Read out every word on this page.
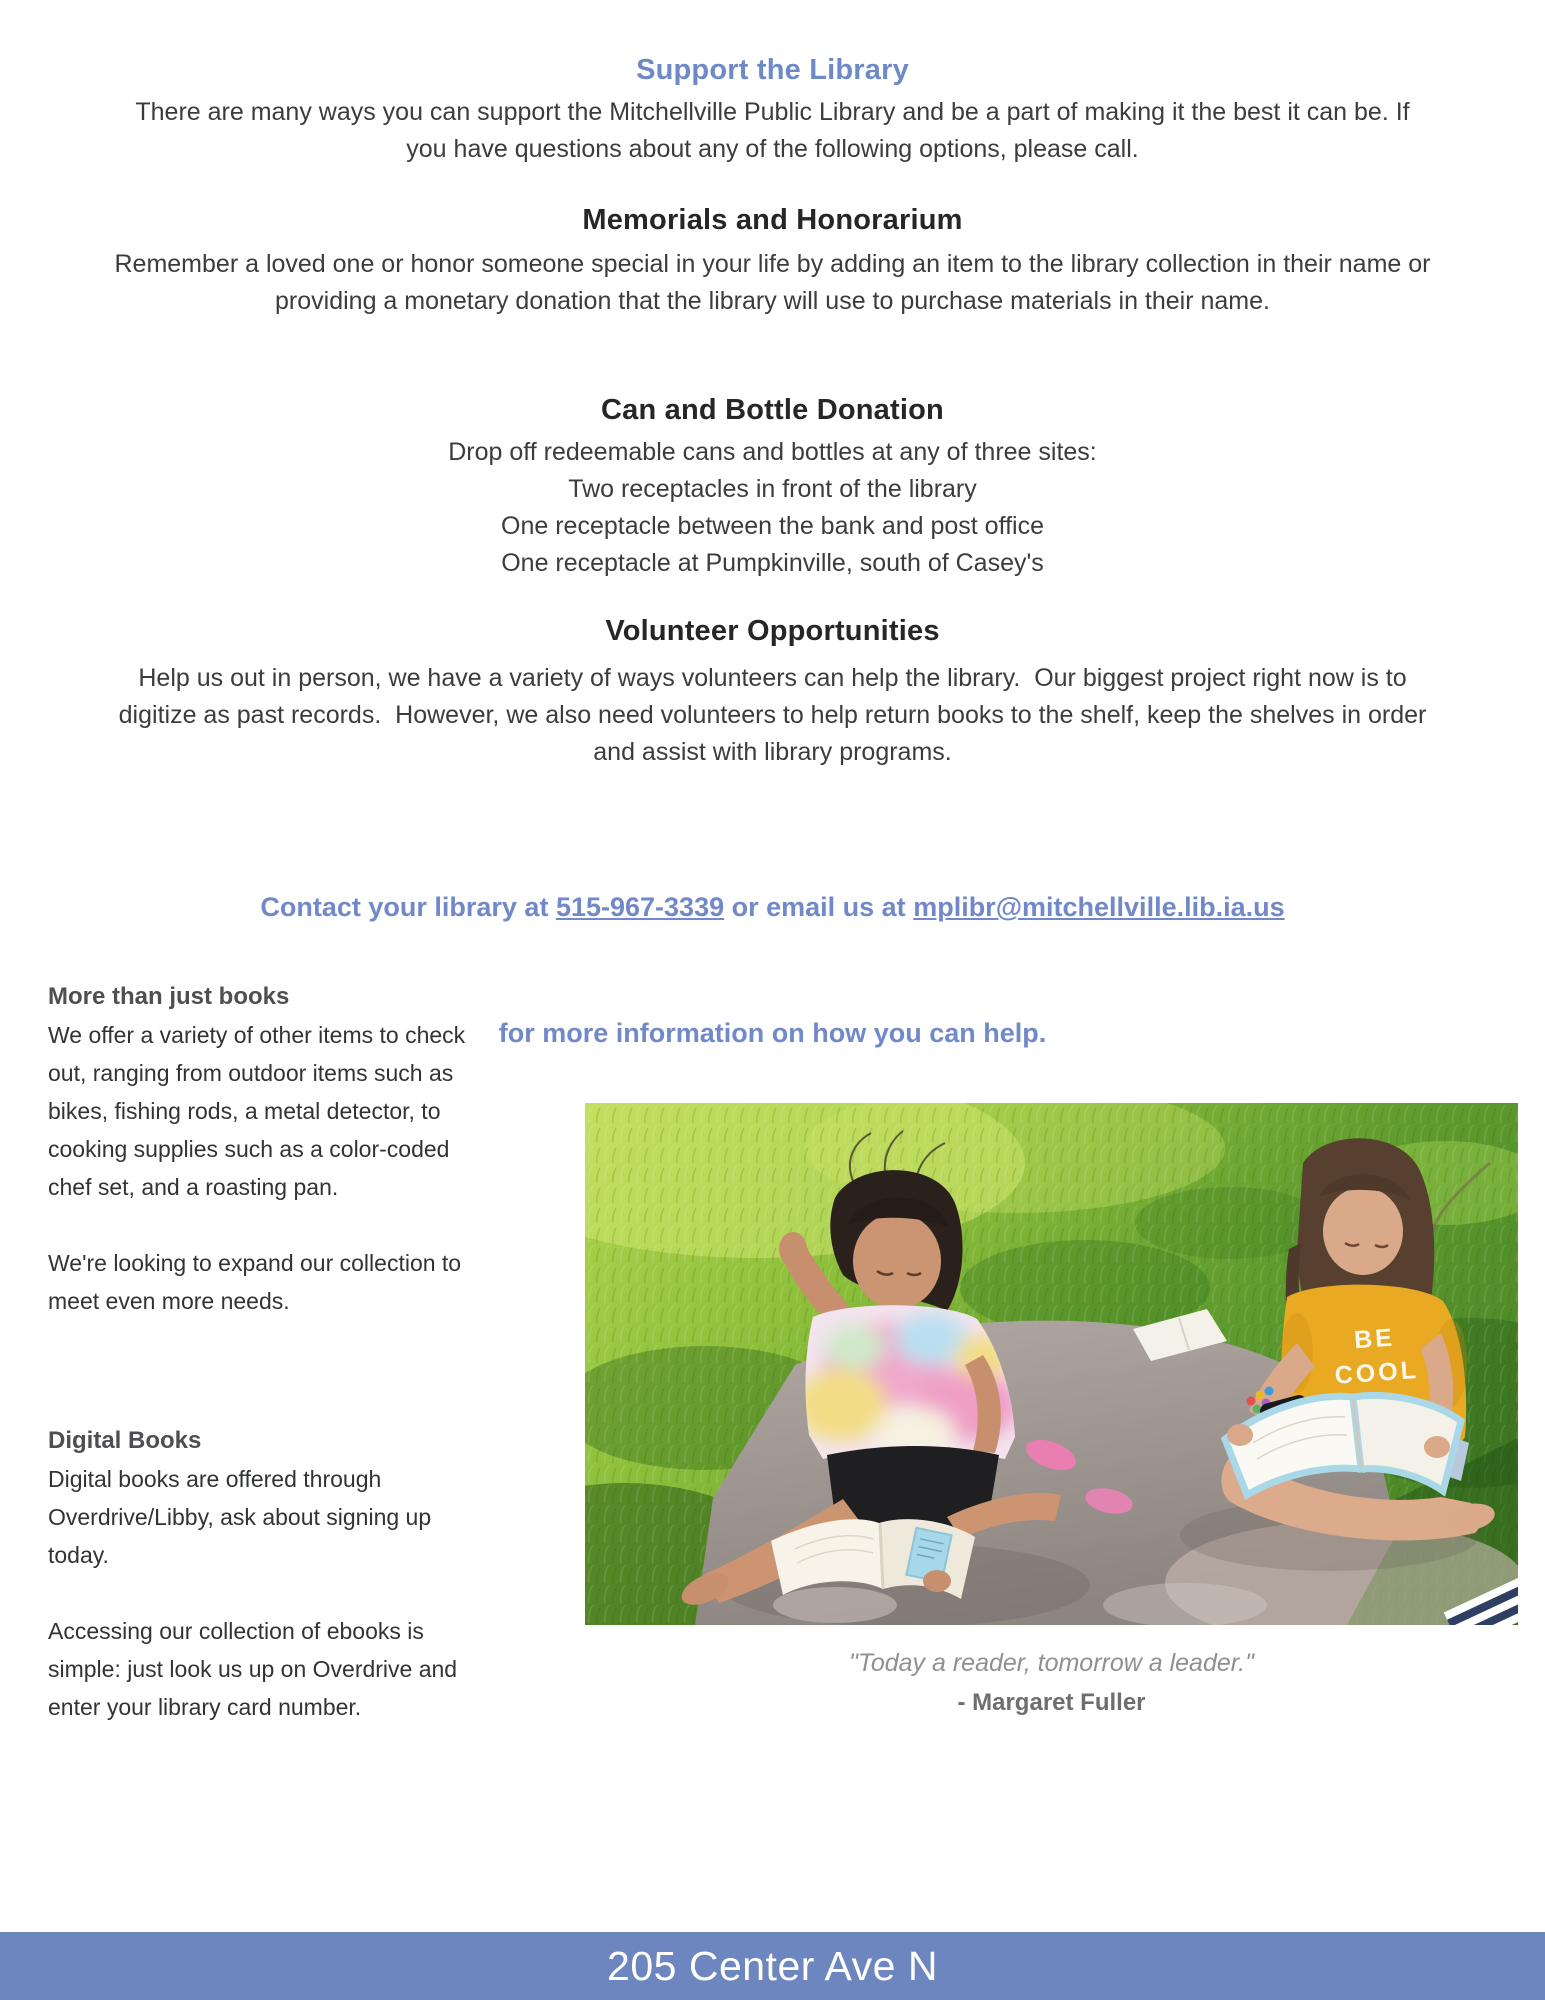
Support the Library

There are many ways you can support the Mitchellville Public Library and be a part of making it the best it can be. If you have questions about any of the following options, please call.

Memorials and Honorarium

Remember a loved one or honor someone special in your life by adding an item to the library collection in their name or providing a monetary donation that the library will use to purchase materials in their name.

Can and Bottle Donation
Drop off redeemable cans and bottles at any of three sites:
Two receptacles in front of the library
One receptacle between the bank and post office
One receptacle at Pumpkinville, south of Casey's
Volunteer Opportunities

Help us out in person, we have a variety of ways volunteers can help the library.  Our biggest project right now is to digitize as past records.  However, we also need volunteers to help return books to the shelf, keep the shelves in order and assist with library programs.

Contact your library at 515-967-3339 or email us at mplibr@mitchellville.lib.ia.us

for more information on how you can help.

More than just books

We offer a variety of other items to check out, ranging from outdoor items such as bikes, fishing rods, a metal detector, to cooking supplies such as a color-coded chef set, and a roasting pan.

We're looking to expand our collection to meet even more needs.

Digital Books

Digital books are offered through Overdrive/Libby, ask about signing up today.

Accessing our collection of ebooks is simple: just look us up on Overdrive and enter your library card number.

BE
COOL
"Today a reader, tomorrow a leader."
- Margaret Fuller
205 Center Ave N
